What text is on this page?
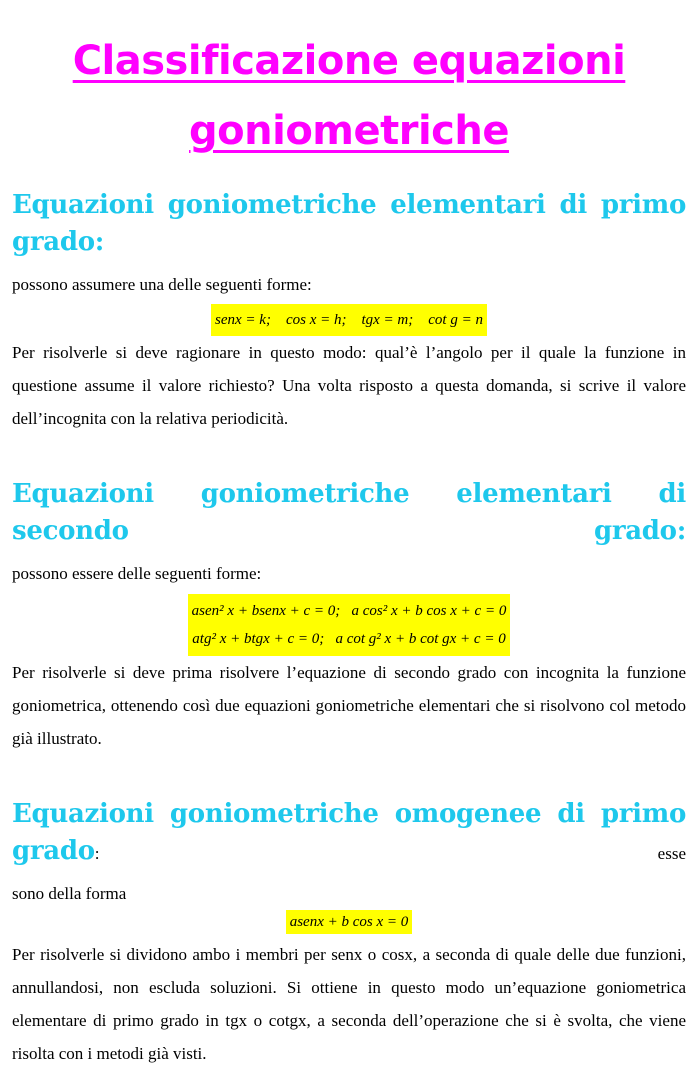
Classificazione equazioni
goniometriche
Equazioni goniometriche elementari di primo grado:

possono assumere una delle seguenti forme:

senx = k;    cos x = h;    tgx = m;    cot g = n

Per risolverle si deve ragionare in questo modo: qual’è l’angolo per il quale la funzione in questione assume il valore richiesto? Una volta risposto a questa domanda, si scrive il valore dell’incognita con la relativa periodicità.

Equazioni goniometriche elementari di secondo grado:

possono essere delle seguenti forme:

asen² x + bsenx + c = 0;   a cos² x + b cos x + c = 0
atg² x + btgx + c = 0;   a cot g² x + b cot gx + c = 0

Per risolverle si deve prima risolvere l’equazione di secondo grado con incognita la funzione goniometrica, ottenendo così due equazioni goniometriche elementari che si risolvono col metodo già illustrato.

Equazioni goniometriche omogenee di primo grado: esse

sono della forma

asenx + b cos x = 0

Per risolverle si dividono ambo i membri per senx o cosx, a seconda di quale delle due funzioni, annullandosi, non escluda soluzioni. Si ottiene in questo modo un’equazione goniometrica elementare di primo grado in tgx o cotgx, a seconda dell’operazione che si è svolta, che viene risolta con i metodi già visti.
